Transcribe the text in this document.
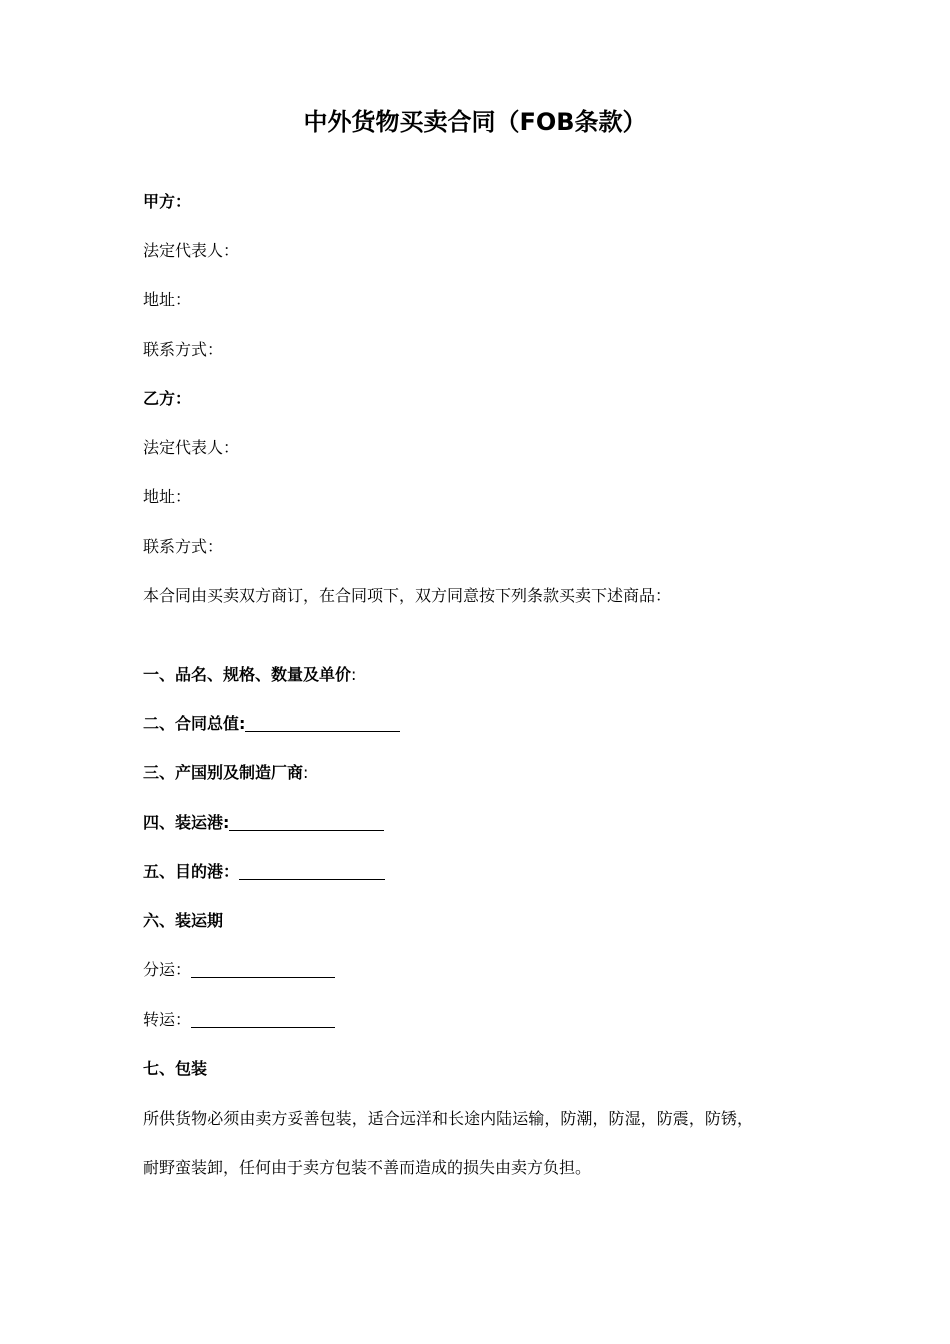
中外货物买卖合同（FOB条款）
甲方：
法定代表人：
地址：
联系方式：
乙方：
法定代表人：
地址：
联系方式：
本合同由买卖双方商订，在合同项下，双方同意按下列条款买卖下述商品：
一、品名、规格、数量及单价:
二、合同总值:
三、产国别及制造厂商:
四、装运港:
五、目的港：
六、装运期
分运：
转运：
七、包装
所供货物必须由卖方妥善包装，适合远洋和长途内陆运输，防潮，防湿，防震，防锈，耐野蛮装卸，任何由于卖方包装不善而造成的损失由卖方负担。
